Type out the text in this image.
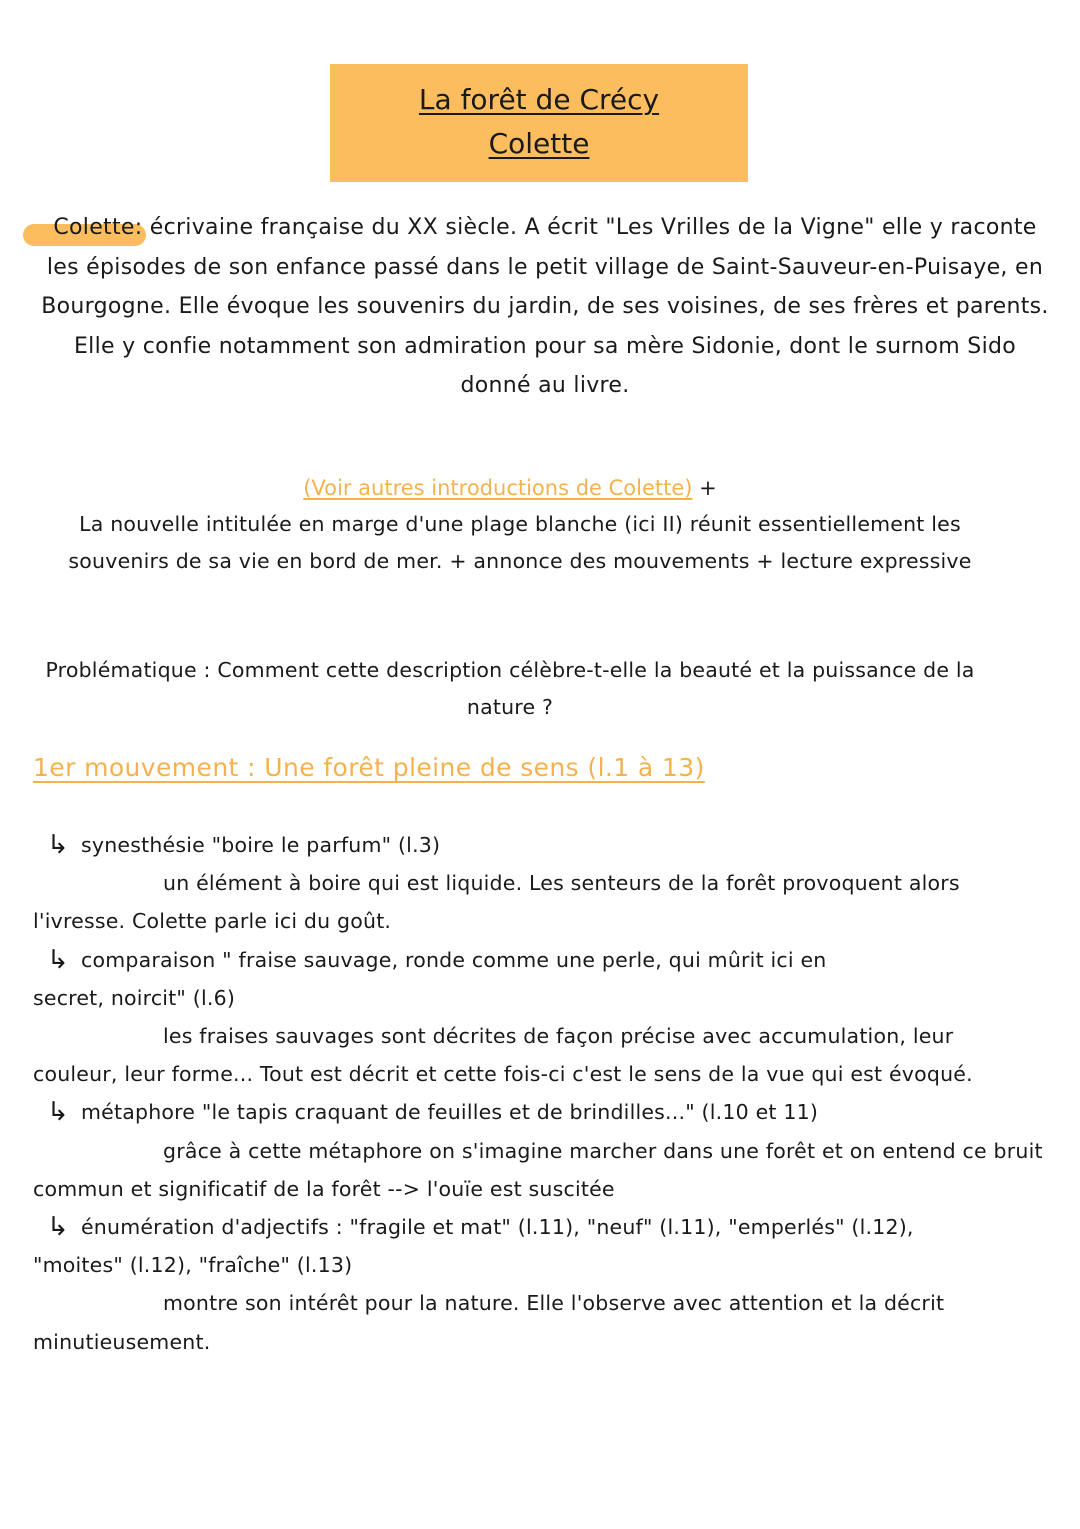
La forêt de Crécy
Colette
Colette: écrivaine française du XX siècle. A écrit "Les Vrilles de la Vigne" elle y raconte les épisodes de son enfance passé dans le petit village de Saint-Sauveur-en-Puisaye, en Bourgogne. Elle évoque les souvenirs du jardin, de ses voisines, de ses frères et parents. Elle y confie notamment son admiration pour sa mère Sidonie, dont le surnom Sido donné au livre.
(Voir autres introductions de Colette) +
La nouvelle intitulée en marge d'une plage blanche (ici II) réunit essentiellement les souvenirs de sa vie en bord de mer. + annonce des mouvements + lecture expressive
Problématique : Comment cette description célèbre-t-elle la beauté et la puissance de la nature ?
1er mouvement : Une forêt pleine de sens (l.1 à 13)

↳ synesthésie "boire le parfum" (l.3)

un élément à boire qui est liquide. Les senteurs de la forêt provoquent alors l'ivresse. Colette parle ici du goût.

↳ comparaison " fraise sauvage, ronde comme une perle, qui mûrit ici en

secret, noircit" (l.6)

les fraises sauvages sont décrites de façon précise avec accumulation, leur couleur, leur forme... Tout est décrit et cette fois-ci c'est le sens de la vue qui est évoqué.

↳ métaphore "le tapis craquant de feuilles et de brindilles..." (l.10 et 11)

grâce à cette métaphore on s'imagine marcher dans une forêt et on entend ce bruit commun et significatif de la forêt --> l'ouïe est suscitée

↳ énumération d'adjectifs : "fragile et mat" (l.11), "neuf" (l.11), "emperlés" (l.12),

"moites" (l.12), "fraîche" (l.13)

montre son intérêt pour la nature. Elle l'observe avec attention et la décrit minutieusement.
